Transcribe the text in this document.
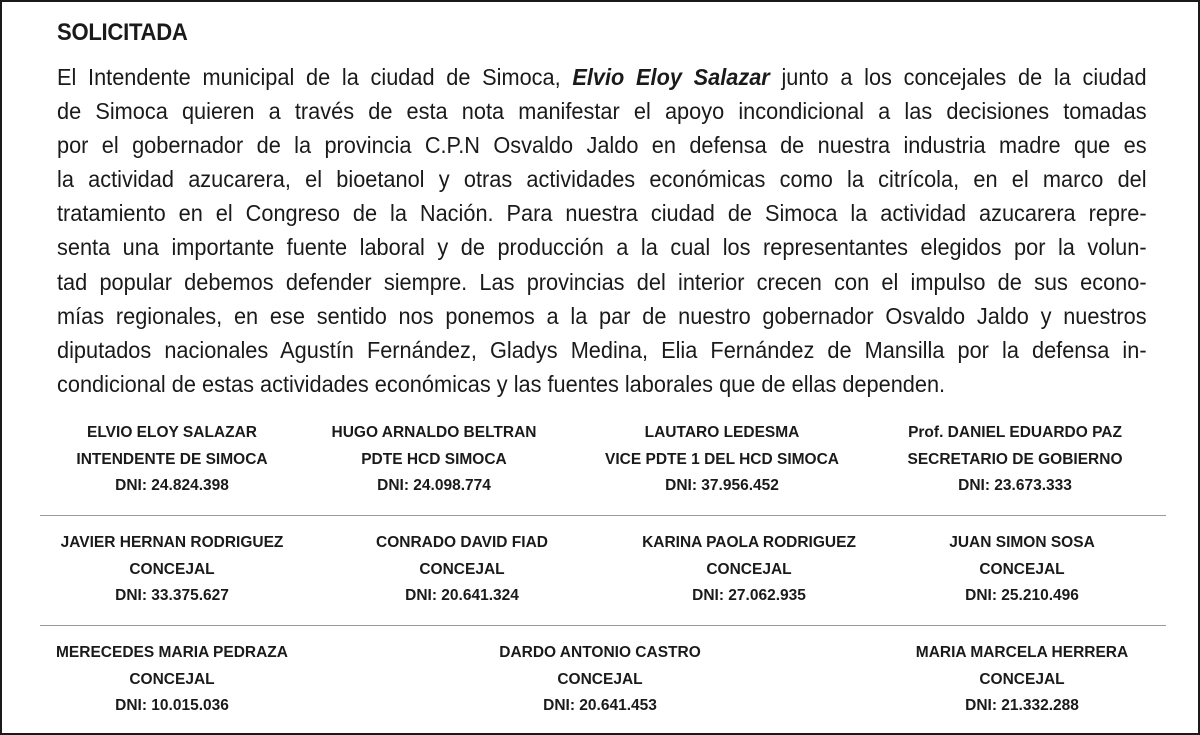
SOLICITADA
El Intendente municipal de la ciudad de Simoca, Elvio Eloy Salazar junto a los concejales de la ciudad
de Simoca quieren a través de esta nota manifestar el apoyo incondicional a las decisiones tomadas
por el gobernador de la provincia C.P.N Osvaldo Jaldo en defensa de nuestra industria madre que es
la actividad azucarera, el bioetanol y otras actividades económicas como la citrícola, en el marco del
tratamiento en el Congreso de la Nación. Para nuestra ciudad de Simoca la actividad azucarera repre-
senta una importante fuente laboral y de producción a la cual los representantes elegidos por la volun-
tad popular debemos defender siempre. Las provincias del interior crecen con el impulso de sus econo-
mías regionales, en ese sentido nos ponemos a la par de nuestro gobernador Osvaldo Jaldo y nuestros
diputados nacionales Agustín Fernández, Gladys Medina, Elia Fernández de Mansilla por la defensa in-
condicional de estas actividades económicas y las fuentes laborales que de ellas dependen.
ELVIO ELOY SALAZAR
INTENDENTE DE SIMOCA
DNI: 24.824.398
HUGO ARNALDO BELTRAN
PDTE HCD SIMOCA
DNI: 24.098.774
LAUTARO LEDESMA
VICE PDTE 1 DEL HCD SIMOCA
DNI: 37.956.452
Prof. DANIEL EDUARDO PAZ
SECRETARIO DE GOBIERNO
DNI: 23.673.333
JAVIER HERNAN RODRIGUEZ
CONCEJAL
DNI: 33.375.627
CONRADO DAVID FIAD
CONCEJAL
DNI: 20.641.324
KARINA PAOLA RODRIGUEZ
CONCEJAL
DNI: 27.062.935
JUAN SIMON SOSA
CONCEJAL
DNI: 25.210.496
MERECEDES MARIA PEDRAZA
CONCEJAL
DNI: 10.015.036
DARDO ANTONIO CASTRO
CONCEJAL
DNI: 20.641.453
MARIA MARCELA HERRERA
CONCEJAL
DNI: 21.332.288
